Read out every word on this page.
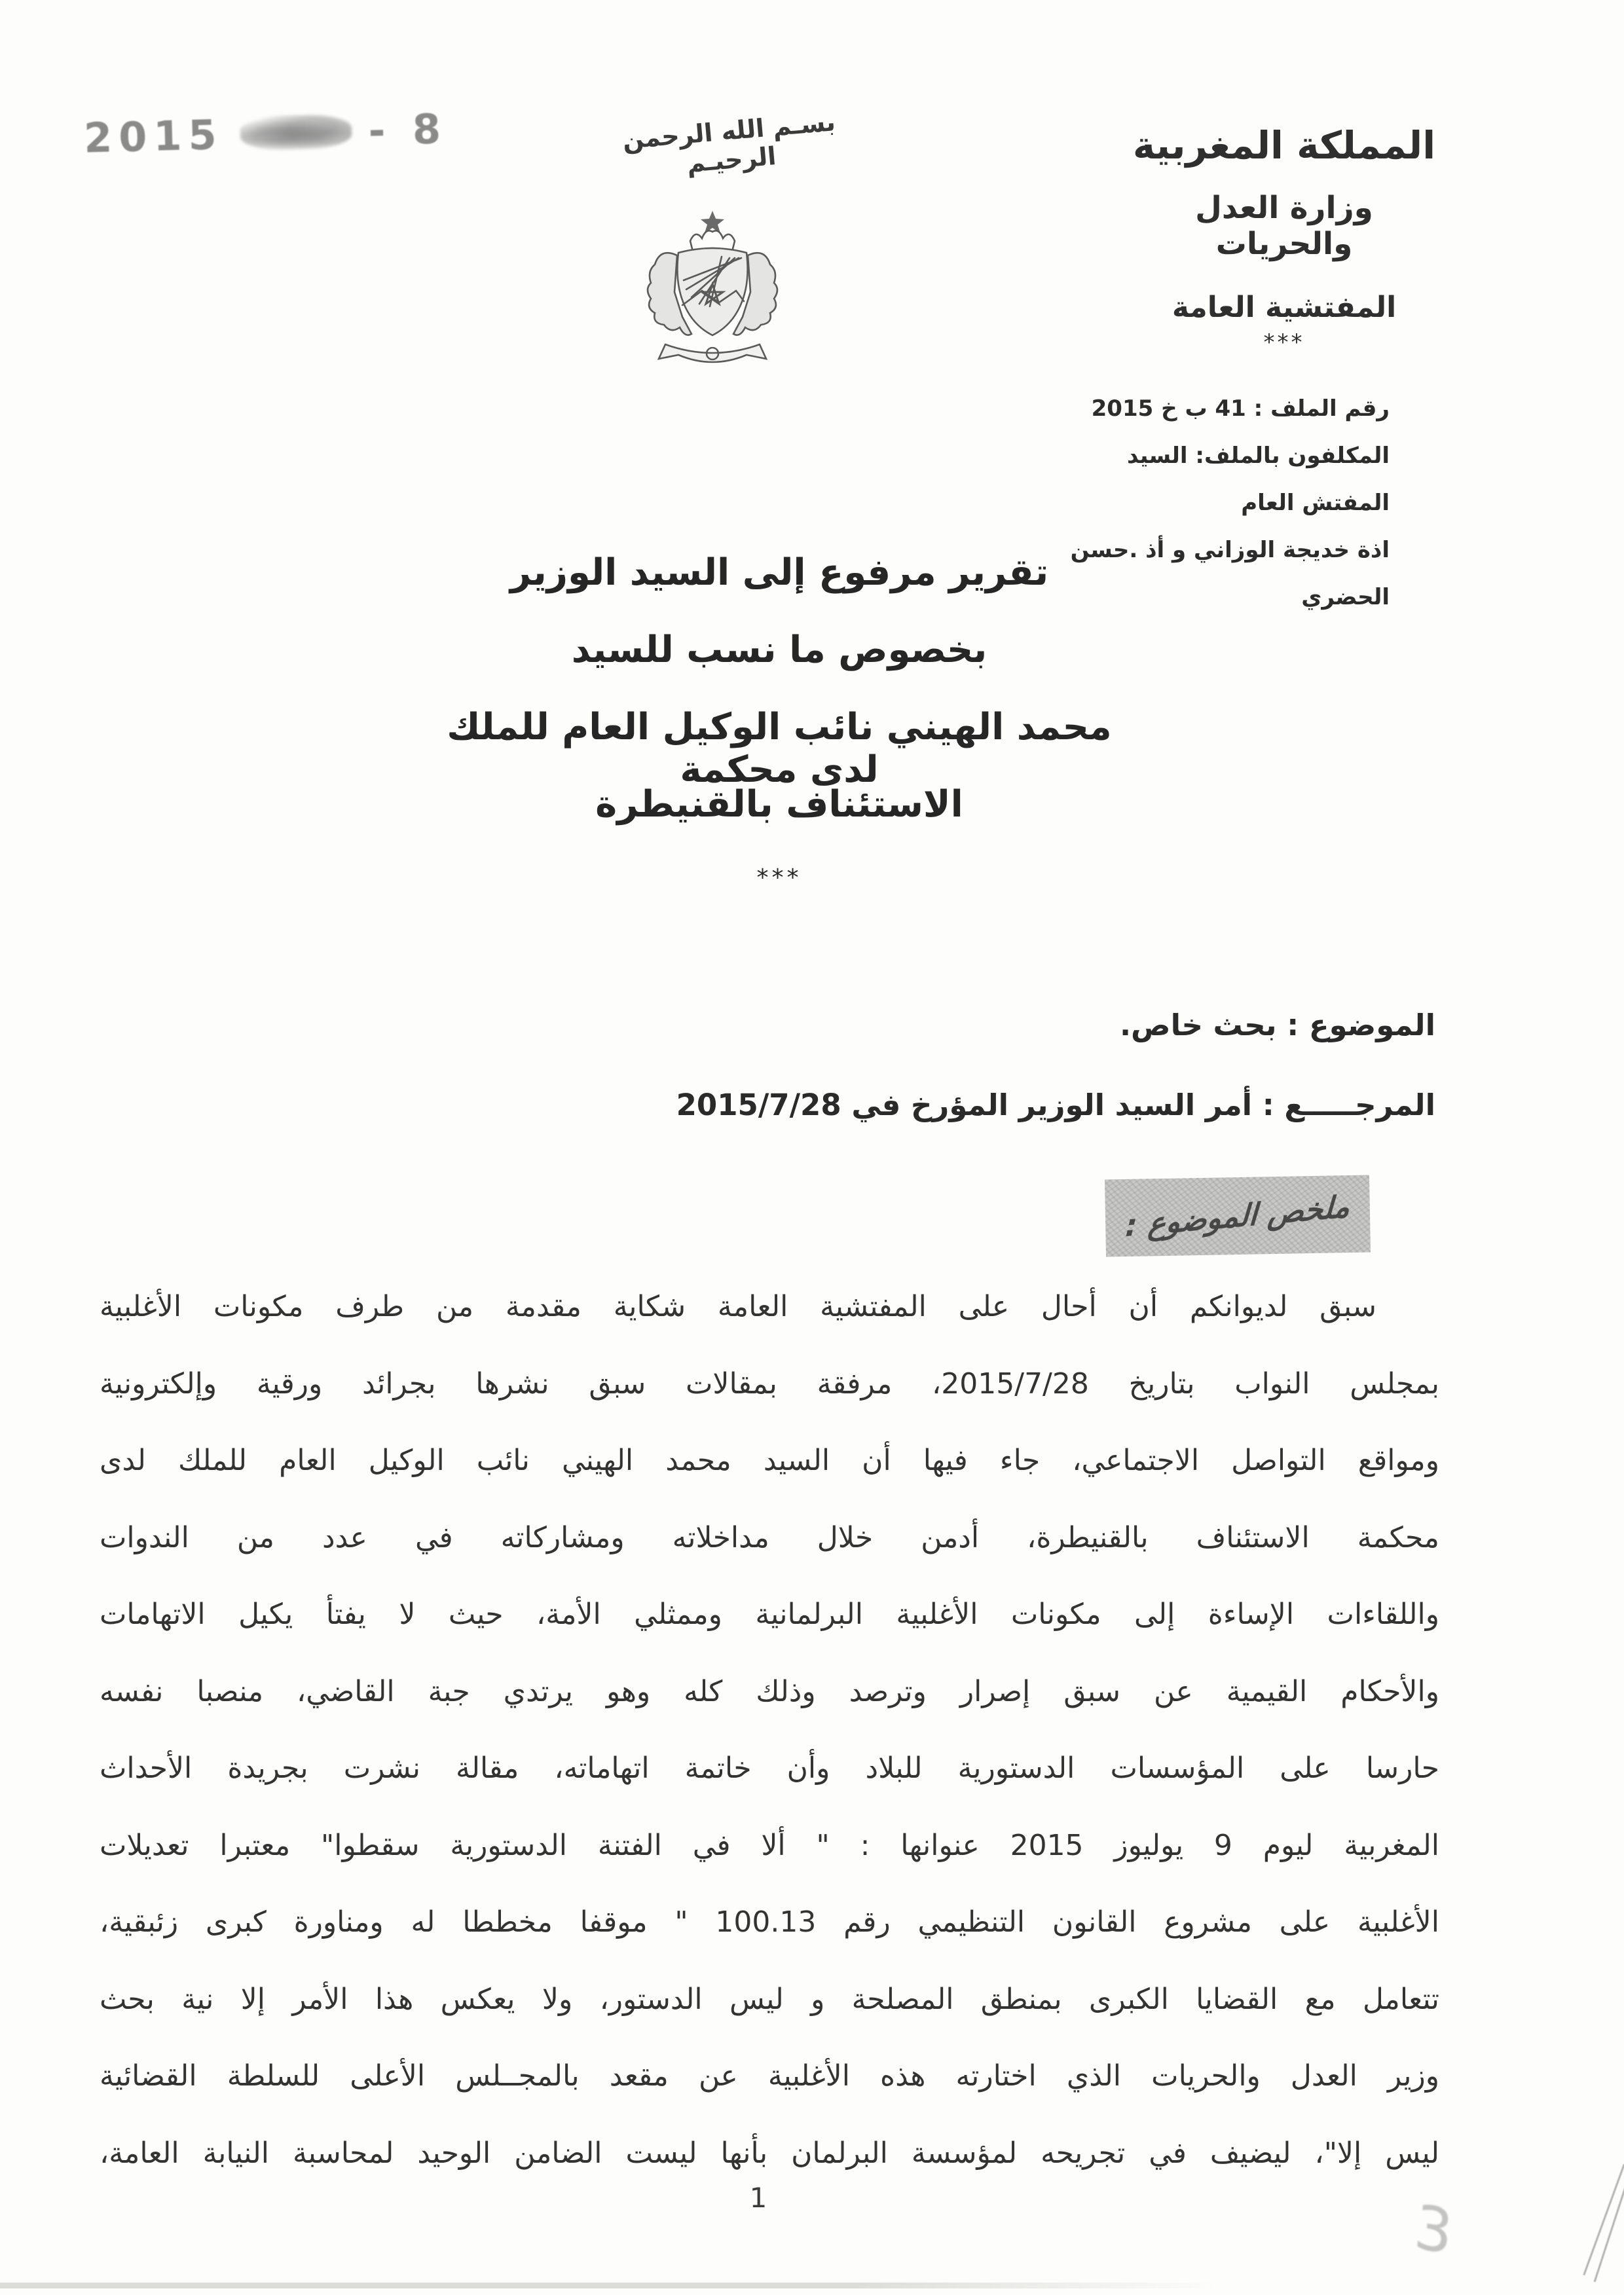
2015	- 8	بسـم الله الرحمن الرحيـم	المملكة المغربية
وزارة العدل والحريات
المفتشية العامة
***
رقم الملف : 41 ب خ 2015
المكلفون بالملف: السيد المفتش العام
اذة خديجة الوزاني و أذ .حسن الحضري
تقرير مرفوع إلى السيد الوزير
بخصوص ما نسب للسيد
محمد الهيني نائب الوكيل العام للملك لدى محكمة
الاستئناف بالقنيطرة
***
الموضوع : بحث خاص.
المرجـــــع : أمر السيد الوزير المؤرخ في 2015/7/28
ملخص الموضوع :
سبق لديوانكم أن أحال على المفتشية العامة شكاية مقدمة من طرف مكونات الأغلبية
بمجلس النواب بتاريخ 2015/7/28، مرفقة بمقالات سبق نشرها بجرائد ورقية وإلكترونية
ومواقع التواصل الاجتماعي، جاء فيها أن السيد محمد الهيني نائب الوكيل العام للملك لدى
محكمة الاستئناف بالقنيطرة، أدمن خلال مداخلاته ومشاركاته في عدد من الندوات
واللقاءات الإساءة إلى مكونات الأغلبية البرلمانية وممثلي الأمة، حيث لا يفتأ يكيل الاتهامات
والأحكام القيمية عن سبق إصرار وترصد وذلك كله وهو يرتدي جبة القاضي، منصبا نفسه
حارسا على المؤسسات الدستورية للبلاد وأن خاتمة اتهاماته، مقالة نشرت بجريدة الأحداث
المغربية ليوم 9 يوليوز 2015 عنوانها : " ألا في الفتنة الدستورية سقطوا" معتبرا تعديلات
الأغلبية على مشروع القانون التنظيمي رقم 100.13 " موقفا مخططا له ومناورة كبرى زئبقية،
تتعامل مع القضايا الكبرى بمنطق المصلحة و ليس الدستور، ولا يعكس هذا الأمر إلا نية بحث
وزير العدل والحريات الذي اختارته هذه الأغلبية عن مقعد بالمجــلس الأعلى للسلطة القضائية
ليس إلا"، ليضيف في تجريحه لمؤسسة البرلمان بأنها ليست الضامن الوحيد لمحاسبة النيابة العامة،
1	3
